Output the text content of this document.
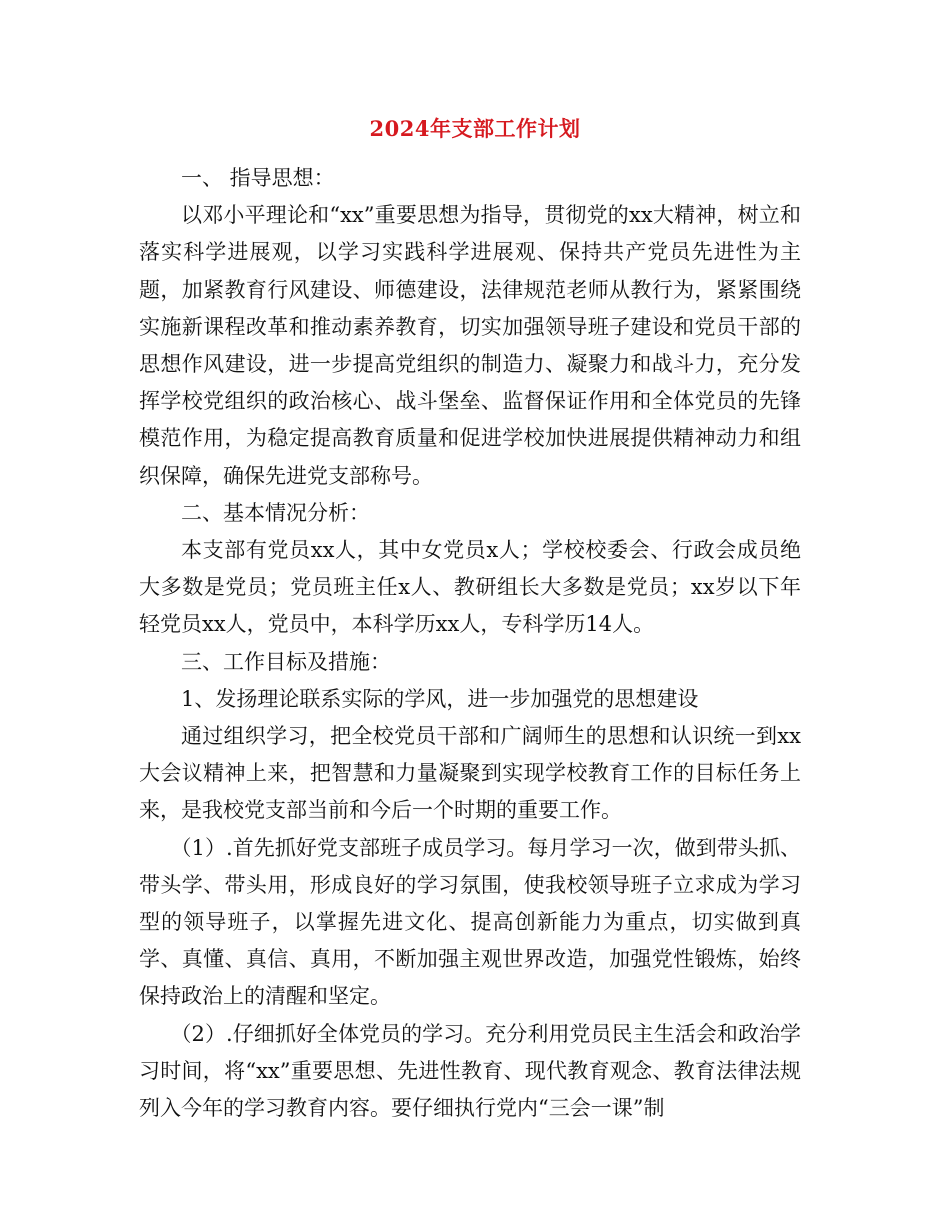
2024年支部工作计划

一、 指导思想：

以邓小平理论和“xx”重要思想为指导，贯彻党的xx大精神，树立和落实科学进展观，以学习实践科学进展观、保持共产党员先进性为主题，加紧教育行风建设、师德建设，法律规范老师从教行为，紧紧围绕实施新课程改革和推动素养教育，切实加强领导班子建设和党员干部的思想作风建设，进一步提高党组织的制造力、凝聚力和战斗力，充分发挥学校党组织的政治核心、战斗堡垒、监督保证作用和全体党员的先锋模范作用，为稳定提高教育质量和促进学校加快进展提供精神动力和组织保障，确保先进党支部称号。

二、基本情况分析：

本支部有党员xx人，其中女党员x人；学校校委会、行政会成员绝大多数是党员；党员班主任x人、教研组长大多数是党员；xx岁以下年轻党员xx人，党员中，本科学历xx人，专科学历14人。

三、工作目标及措施：

1、发扬理论联系实际的学风，进一步加强党的思想建设

通过组织学习，把全校党员干部和广阔师生的思想和认识统一到xx大会议精神上来，把智慧和力量凝聚到实现学校教育工作的目标任务上来，是我校党支部当前和今后一个时期的重要工作。

（1）.首先抓好党支部班子成员学习。每月学习一次，做到带头抓、带头学、带头用，形成良好的学习氛围，使我校领导班子立求成为学习型的领导班子，以掌握先进文化、提高创新能力为重点，切实做到真学、真懂、真信、真用，不断加强主观世界改造，加强党性锻炼，始终保持政治上的清醒和坚定。

（2）.仔细抓好全体党员的学习。充分利用党员民主生活会和政治学习时间，将“xx”重要思想、先进性教育、现代教育观念、教育法律法规列入今年的学习教育内容。要仔细执行党内“三会一课”制
